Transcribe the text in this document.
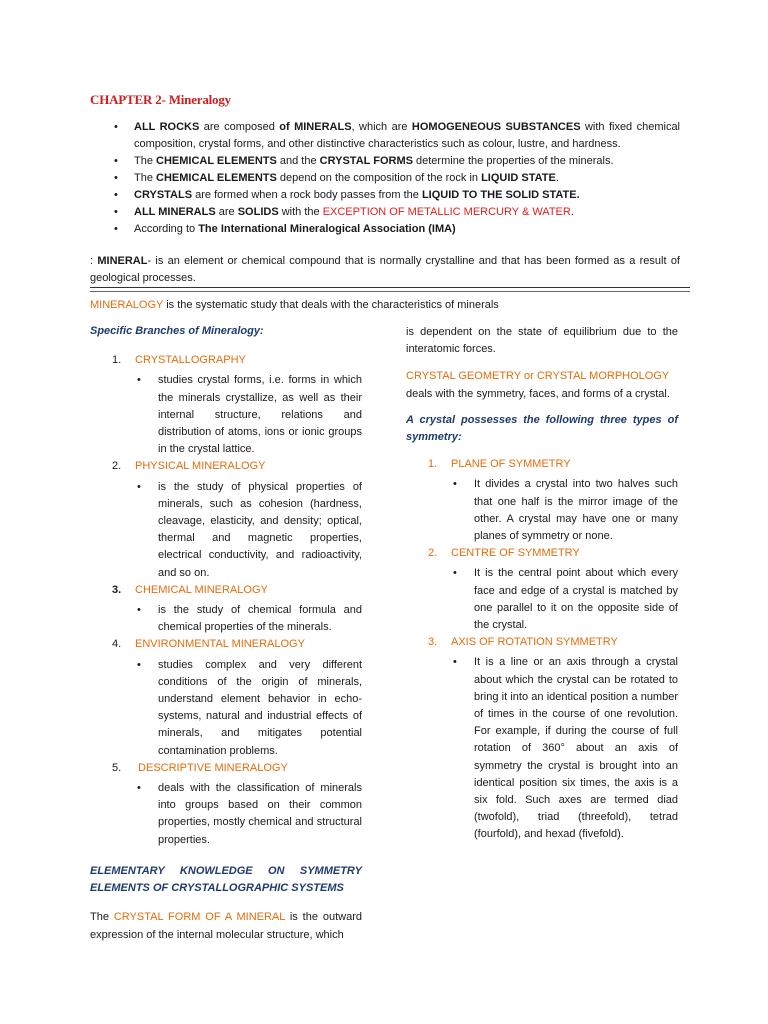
CHAPTER 2- Mineralogy
• ALL ROCKS are composed of MINERALS, which are HOMOGENEOUS SUBSTANCES with fixed chemical composition, crystal forms, and other distinctive characteristics such as colour, lustre, and hardness.
• The CHEMICAL ELEMENTS and the CRYSTAL FORMS determine the properties of the minerals.
• The CHEMICAL ELEMENTS depend on the composition of the rock in LIQUID STATE.
• CRYSTALS are formed when a rock body passes from the LIQUID TO THE SOLID STATE.
• ALL MINERALS are SOLIDS with the EXCEPTION OF METALLIC MERCURY & WATER.
• According to The International Mineralogical Association (IMA)
: MINERAL- is an element or chemical compound that is normally crystalline and that has been formed as a result of geological processes.
MINERALOGY is the systematic study that deals with the characteristics of minerals
Specific Branches of Mineralogy:
1. CRYSTALLOGRAPHY
• studies crystal forms, i.e. forms in which the minerals crystallize, as well as their internal structure, relations and distribution of atoms, ions or ionic groups in the crystal lattice.
2. PHYSICAL MINERALOGY
• is the study of physical properties of minerals, such as cohesion (hardness, cleavage, elasticity, and density; optical, thermal and magnetic properties, electrical conductivity, and radioactivity, and so on.
3. CHEMICAL MINERALOGY
• is the study of chemical formula and chemical properties of the minerals.
4. ENVIRONMENTAL MINERALOGY
• studies complex and very different conditions of the origin of minerals, understand element behavior in echo-systems, natural and industrial effects of minerals, and mitigates potential contamination problems.
5. DESCRIPTIVE MINERALOGY
• deals with the classification of minerals into groups based on their common properties, mostly chemical and structural properties.
ELEMENTARY KNOWLEDGE ON SYMMETRY ELEMENTS OF CRYSTALLOGRAPHIC SYSTEMS
The CRYSTAL FORM OF A MINERAL is the outward expression of the internal molecular structure, which
is dependent on the state of equilibrium due to the interatomic forces.
CRYSTAL GEOMETRY or CRYSTAL MORPHOLOGY
deals with the symmetry, faces, and forms of a crystal.
A crystal possesses the following three types of symmetry:
1. PLANE OF SYMMETRY
• It divides a crystal into two halves such that one half is the mirror image of the other. A crystal may have one or many planes of symmetry or none.
2. CENTRE OF SYMMETRY
• It is the central point about which every face and edge of a crystal is matched by one parallel to it on the opposite side of the crystal.
3. AXIS OF ROTATION SYMMETRY
• It is a line or an axis through a crystal about which the crystal can be rotated to bring it into an identical position a number of times in the course of one revolution. For example, if during the course of full rotation of 360° about an axis of symmetry the crystal is brought into an identical position six times, the axis is a six fold. Such axes are termed diad (twofold), triad (threefold), tetrad (fourfold), and hexad (fivefold).
